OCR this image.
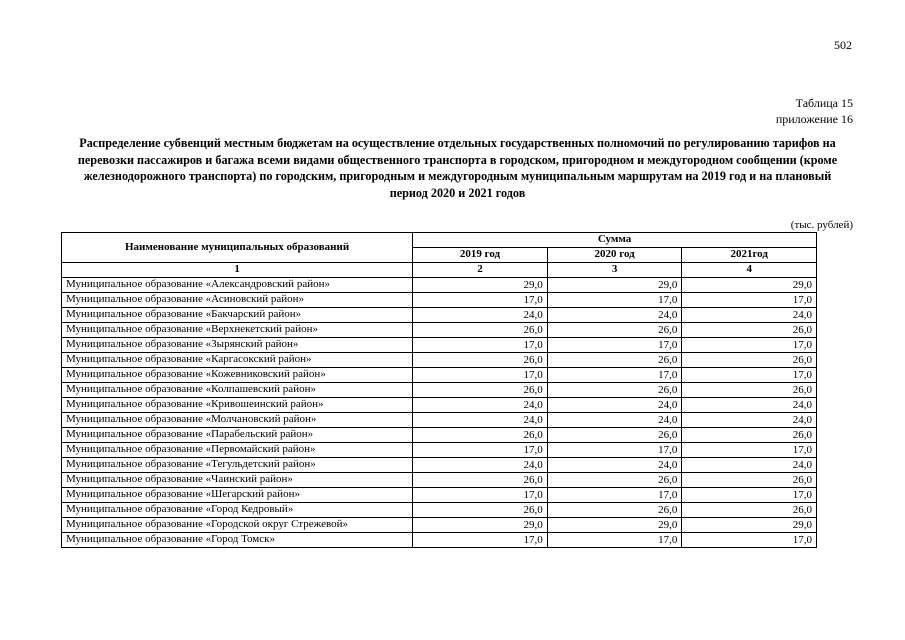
502
Таблица 15
приложение 16
Распределение субвенций местным бюджетам на осуществление отдельных государственных полномочий по регулированию тарифов на перевозки пассажиров и багажа всеми видами общественного транспорта в городском, пригородном и междугородном сообщении (кроме железнодорожного транспорта) по городским, пригородным и междугородным муниципальным маршрутам на 2019 год и на плановый период 2020 и 2021 годов
(тыс. рублей)
Наименование муниципальных образований	Сумма		
	2019 год	2020 год	2021год
1	2	3	4
Муниципальное образование «Александровский район»	29,0	29,0	29,0
Муниципальное образование «Асиновский район»	17,0	17,0	17,0
Муниципальное образование «Бакчарский район»	24,0	24,0	24,0
Муниципальное образование «Верхнекетский район»	26,0	26,0	26,0
Муниципальное образование «Зырянский район»	17,0	17,0	17,0
Муниципальное образование «Каргасокский район»	26,0	26,0	26,0
Муниципальное образование «Кожевниковский район»	17,0	17,0	17,0
Муниципальное образование «Колпашевский район»	26,0	26,0	26,0
Муниципальное образование «Кривошеинский район»	24,0	24,0	24,0
Муниципальное образование «Молчановский район»	24,0	24,0	24,0
Муниципальное образование «Парабельский район»	26,0	26,0	26,0
Муниципальное образование «Первомайский район»	17,0	17,0	17,0
Муниципальное образование «Тегульдетский район»	24,0	24,0	24,0
Муниципальное образование «Чаинский район»	26,0	26,0	26,0
Муниципальное образование «Шегарский район»	17,0	17,0	17,0
Муниципальное образование «Город Кедровый»	26,0	26,0	26,0
Муниципальное образование «Городской округ Стрежевой»	29,0	29,0	29,0
Муниципальное образование «Город Томск»	17,0	17,0	17,0
